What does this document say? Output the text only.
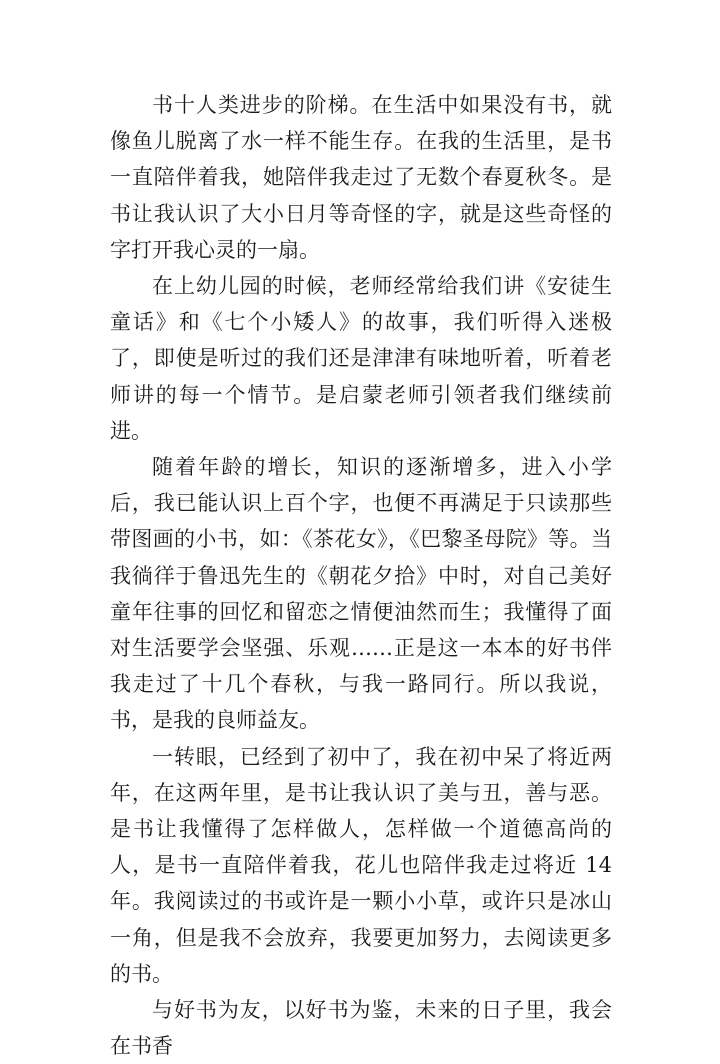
书十人类进步的阶梯。在生活中如果没有书，就像鱼儿脱离了水一样不能生存。在我的生活里，是书一直陪伴着我，她陪伴我走过了无数个春夏秋冬。是书让我认识了大小日月等奇怪的字，就是这些奇怪的字打开我心灵的一扇。

在上幼儿园的时候，老师经常给我们讲《安徒生童话》和《七个小矮人》的故事，我们听得入迷极了，即使是听过的我们还是津津有味地听着，听着老师讲的每一个情节。是启蒙老师引领者我们继续前进。

随着年龄的增长，知识的逐渐增多，进入小学后，我已能认识上百个字，也便不再满足于只读那些带图画的小书，如：《茶花女》，《巴黎圣母院》等。当我徜徉于鲁迅先生的《朝花夕拾》中时，对自己美好童年往事的回忆和留恋之情便油然而生；我懂得了面对生活要学会坚强、乐观……正是这一本本的好书伴我走过了十几个春秋，与我一路同行。所以我说，书，是我的良师益友。

一转眼，已经到了初中了，我在初中呆了将近两年，在这两年里，是书让我认识了美与丑，善与恶。是书让我懂得了怎样做人，怎样做一个道德高尚的人，是书一直陪伴着我，花儿也陪伴我走过将近 14 年。我阅读过的书或许是一颗小小草，或许只是冰山一角，但是我不会放弃，我要更加努力，去阅读更多的书。

与好书为友，以好书为鉴，未来的日子里，我会在书香
